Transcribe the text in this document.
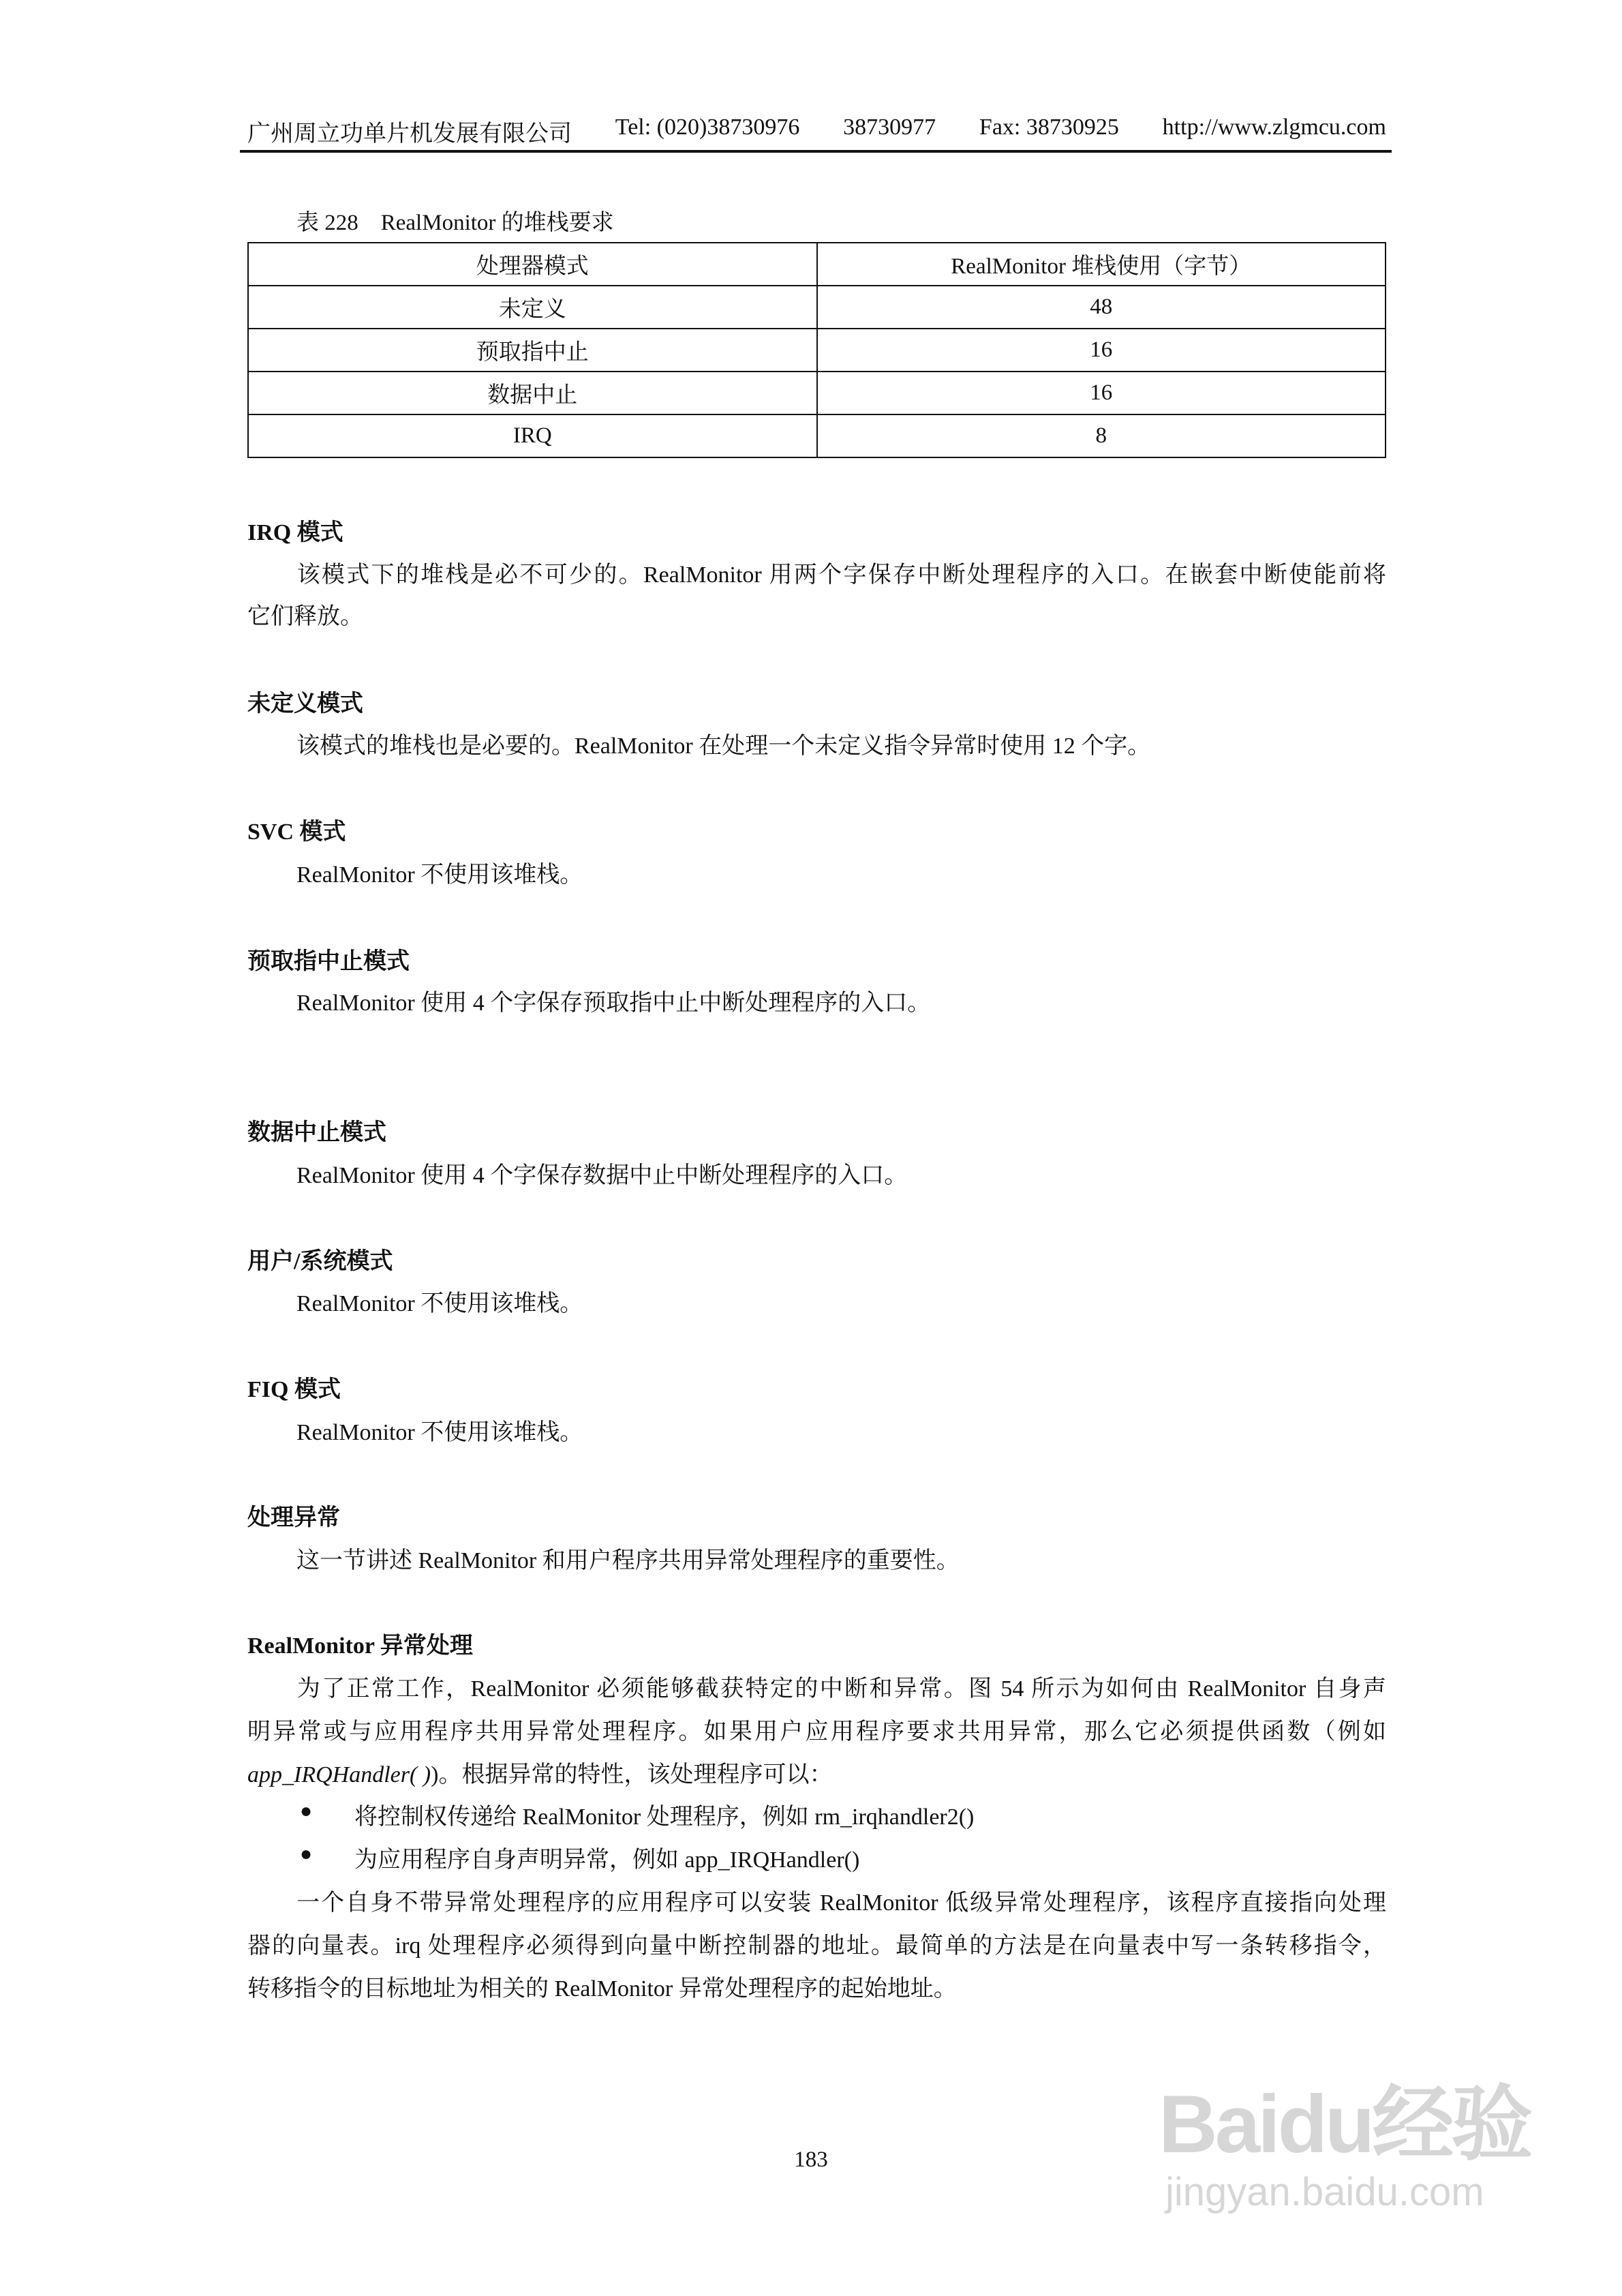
广州周立功单片机发展有限公司 Tel: (020)38730976 38730977 Fax: 38730925 http://www.zlgmcu.com
表 228　RealMonitor 的堆栈要求
处理器模式	RealMonitor 堆栈使用（字节）
未定义	48
预取指中止	16
数据中止	16
IRQ	8
IRQ 模式
　　该模式下的堆栈是必不可少的。RealMonitor 用两个字保存中断处理程序的入口。在嵌套中断使能前将
它们释放。
未定义模式
该模式的堆栈也是必要的。RealMonitor 在处理一个未定义指令异常时使用 12 个字。
SVC 模式
RealMonitor 不使用该堆栈。
预取指中止模式
RealMonitor 使用 4 个字保存预取指中止中断处理程序的入口。
数据中止模式
RealMonitor 使用 4 个字保存数据中止中断处理程序的入口。
用户/系统模式
RealMonitor 不使用该堆栈。
FIQ 模式
RealMonitor 不使用该堆栈。
处理异常
这一节讲述 RealMonitor 和用户程序共用异常处理程序的重要性。
RealMonitor 异常处理
　　为了正常工作，RealMonitor 必须能够截获特定的中断和异常。图 54 所示为如何由 RealMonitor 自身声
明异常或与应用程序共用异常处理程序。如果用户应用程序要求共用异常，那么它必须提供函数（例如
app_IRQHandler( ))。根据异常的特性，该处理程序可以：
● 将控制权传递给 RealMonitor 处理程序，例如 rm_irqhandler2()
● 为应用程序自身声明异常，例如 app_IRQHandler()
　　一个自身不带异常处理程序的应用程序可以安装 RealMonitor 低级异常处理程序，该程序直接指向处理
器的向量表。irq 处理程序必须得到向量中断控制器的地址。最简单的方法是在向量表中写一条转移指令，
转移指令的目标地址为相关的 RealMonitor 异常处理程序的起始地址。
183	Baidu经验
jingyan.baidu.com
